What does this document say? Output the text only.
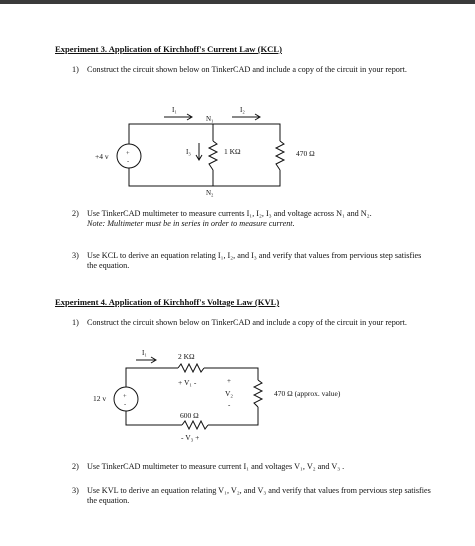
Experiment 3. Application of Kirchhoff's Current Law (KCL)
1) Construct the circuit shown below on TinkerCAD and include a copy of the circuit in your report.
+4 v	+
-
I₁	I₂
I₃
N₁
N₂
1 KΩ	470 Ω
2) Use TinkerCAD multimeter to measure currents I₁, I₂, I₃ and voltage across N₁ and N₂.
Note: Multimeter must be in series in order to measure current.
3) Use KCL to derive an equation relating I₁, I₂, and I₃ and verify that values from pervious step satisfies the equation.
Experiment 4. Application of Kirchhoff's Voltage Law (KVL)
1) Construct the circuit shown below on TinkerCAD and include a copy of the circuit in your report.
12 v	+
-
I₁	2 KΩ
+ V₁ -	+
V₂
-
470 Ω (approx. value)
600 Ω
- V₃ +
2) Use TinkerCAD multimeter to measure current I₁ and voltages V₁, V₂ and V₃ .
3) Use KVL to derive an equation relating V₁, V₂, and V₃ and verify that values from pervious step satisfies the equation.
